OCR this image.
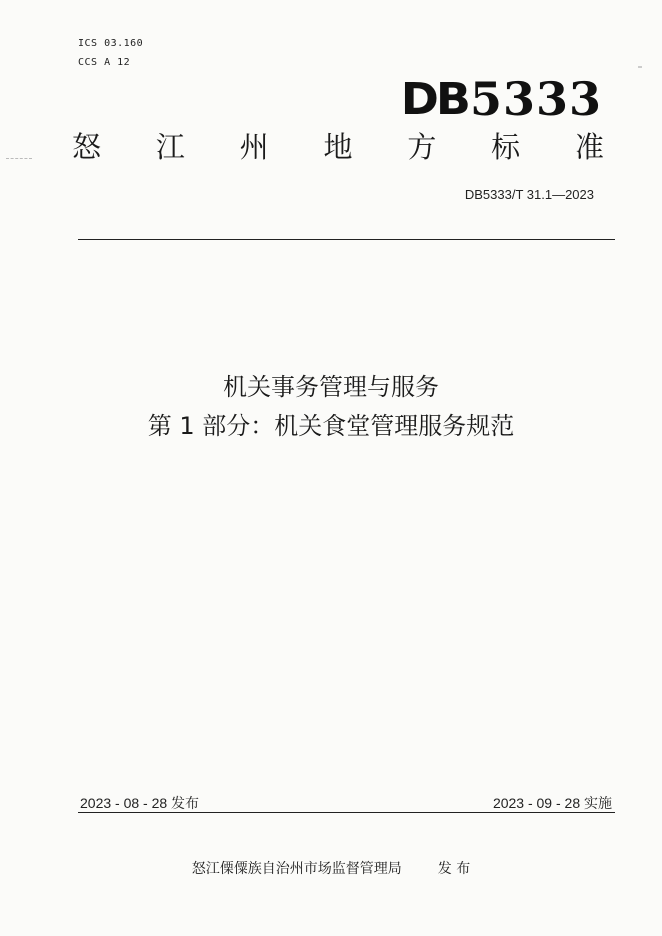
ICS 03.160
CCS A 12
DB 5333
怒 江 州 地 方 标 准
DB5333/T 31.1—2023
机关事务管理与服务
第 1 部分：机关食堂管理服务规范
2023 - 08 - 28 发布	2023 - 09 - 28 实施
怒江傈僳族自治州市场监督管理局	发 布
